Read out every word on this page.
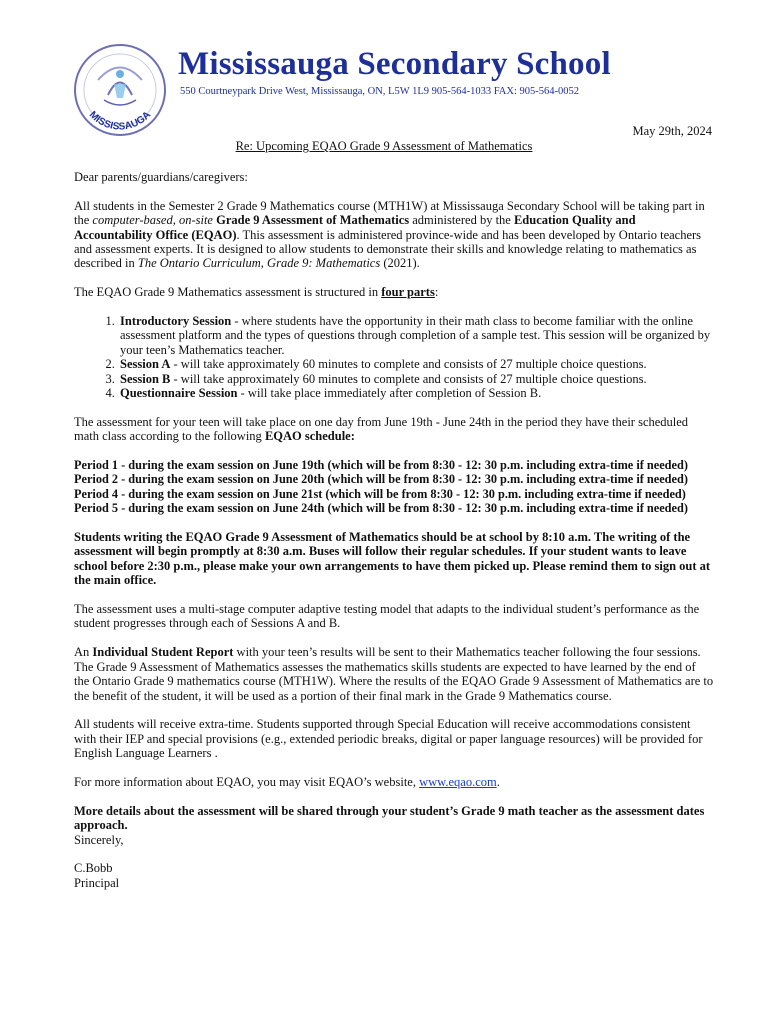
MISSISSAUGA
Mississauga Secondary School
550 Courtneypark Drive West, Mississauga, ON, L5W 1L9 905-564-1033 FAX: 905-564-0052
May 29th, 2024
Re: Upcoming EQAO Grade 9 Assessment of Mathematics

Dear parents/guardians/caregivers:

All students in the Semester 2 Grade 9 Mathematics course (MTH1W) at Mississauga Secondary School will be taking part in the computer-based, on-site Grade 9 Assessment of Mathematics administered by the Education Quality and Accountability Office (EQAO). This assessment is administered province-wide and has been developed by Ontario teachers and assessment experts. It is designed to allow students to demonstrate their skills and knowledge relating to mathematics as described in The Ontario Curriculum, Grade 9: Mathematics (2021).

The EQAO Grade 9 Mathematics assessment is structured in four parts:

1. Introductory Session - where students have the opportunity in their math class to become familiar with the online assessment platform and the types of questions through completion of a sample test. This session will be organized by your teen’s Mathematics teacher.
2. Session A - will take approximately 60 minutes to complete and consists of 27 multiple choice questions.
3. Session B - will take approximately 60 minutes to complete and consists of 27 multiple choice questions.
4. Questionnaire Session - will take place immediately after completion of Session B.

The assessment for your teen will take place on one day from June 19th - June 24th in the period they have their scheduled math class according to the following EQAO schedule:

Period 1 - during the exam session on June 19th (which will be from 8:30 - 12: 30 p.m. including extra-time if needed)
Period 2 - during the exam session on June 20th (which will be from 8:30 - 12: 30 p.m. including extra-time if needed)
Period 4 - during the exam session on June 21st (which will be from 8:30 - 12: 30 p.m. including extra-time if needed)
Period 5 - during the exam session on June 24th (which will be from 8:30 - 12: 30 p.m. including extra-time if needed)

Students writing the EQAO Grade 9 Assessment of Mathematics should be at school by 8:10 a.m. The writing of the assessment will begin promptly at 8:30 a.m. Buses will follow their regular schedules. If your student wants to leave school before 2:30 p.m., please make your own arrangements to have them picked up. Please remind them to sign out at the main office.

The assessment uses a multi-stage computer adaptive testing model that adapts to the individual student’s performance as the student progresses through each of Sessions A and B.

An Individual Student Report with your teen’s results will be sent to their Mathematics teacher following the four sessions. The Grade 9 Assessment of Mathematics assesses the mathematics skills students are expected to have learned by the end of the Ontario Grade 9 mathematics course (MTH1W). Where the results of the EQAO Grade 9 Assessment of Mathematics are to the benefit of the student, it will be used as a portion of their final mark in the Grade 9 Mathematics course.

All students will receive extra-time. Students supported through Special Education will receive accommodations consistent with their IEP and special provisions (e.g., extended periodic breaks, digital or paper language resources) will be provided for English Language Learners .

For more information about EQAO, you may visit EQAO’s website, www.eqao.com.

More details about the assessment will be shared through your student’s Grade 9 math teacher as the assessment dates approach.

Sincerely,

C.Bobb

Principal
